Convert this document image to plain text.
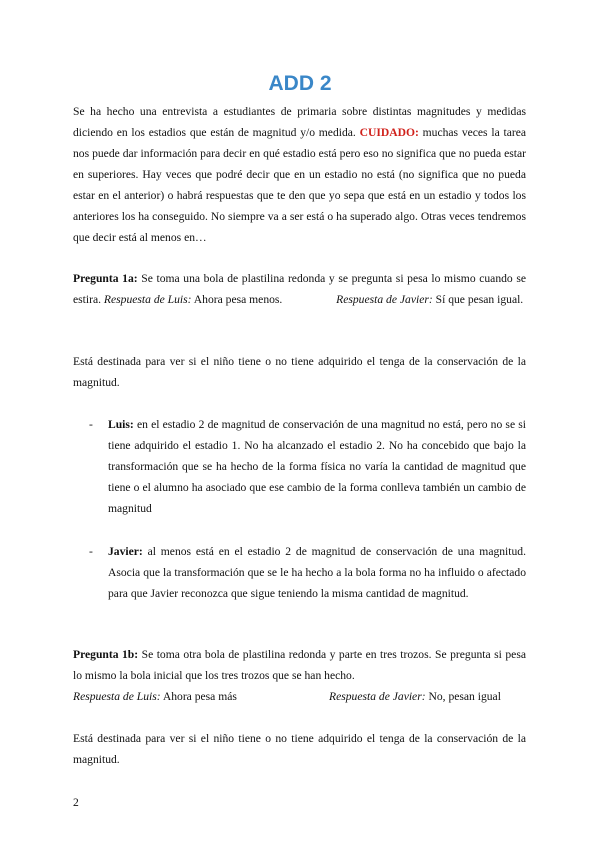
ADD 2

Se ha hecho una entrevista a estudiantes de primaria sobre distintas magnitudes y medidas diciendo en los estadios que están de magnitud y/o medida. CUIDADO: muchas veces la tarea nos puede dar información para decir en qué estadio está pero eso no significa que no pueda estar en superiores. Hay veces que podré decir que en un estadio no está (no significa que no pueda estar en el anterior) o habrá respuestas que te den que yo sepa que está en un estadio y todos los anteriores los ha conseguido. No siempre va a ser está o ha superado algo. Otras veces tendremos que decir está al menos en…

Pregunta 1a: Se toma una bola de plastilina redonda y se pregunta si pesa lo mismo cuando se estira. Respuesta de Luis: Ahora pesa menos.	Respuesta de Javier: Sí que pesan igual.

Está destinada para ver si el niño tiene o no tiene adquirido el tenga de la conservación de la magnitud.

- Luis: en el estadio 2 de magnitud de conservación de una magnitud no está, pero no se si tiene adquirido el estadio 1. No ha alcanzado el estadio 2. No ha concebido que bajo la transformación que se ha hecho de la forma física no varía la cantidad de magnitud que tiene o el alumno ha asociado que ese cambio de la forma conlleva también un cambio de magnitud

- Javier: al menos está en el estadio 2 de magnitud de conservación de una magnitud. Asocia que la transformación que se le ha hecho a la bola forma no ha influido o afectado para que Javier reconozca que sigue teniendo la misma cantidad de magnitud.

Pregunta 1b: Se toma otra bola de plastilina redonda y parte en tres trozos. Se pregunta si pesa lo mismo la bola inicial que los tres trozos que se han hecho.

Respuesta de Luis: Ahora pesa más	Respuesta de Javier: No, pesan igual

Está destinada para ver si el niño tiene o no tiene adquirido el tenga de la conservación de la magnitud.

2
